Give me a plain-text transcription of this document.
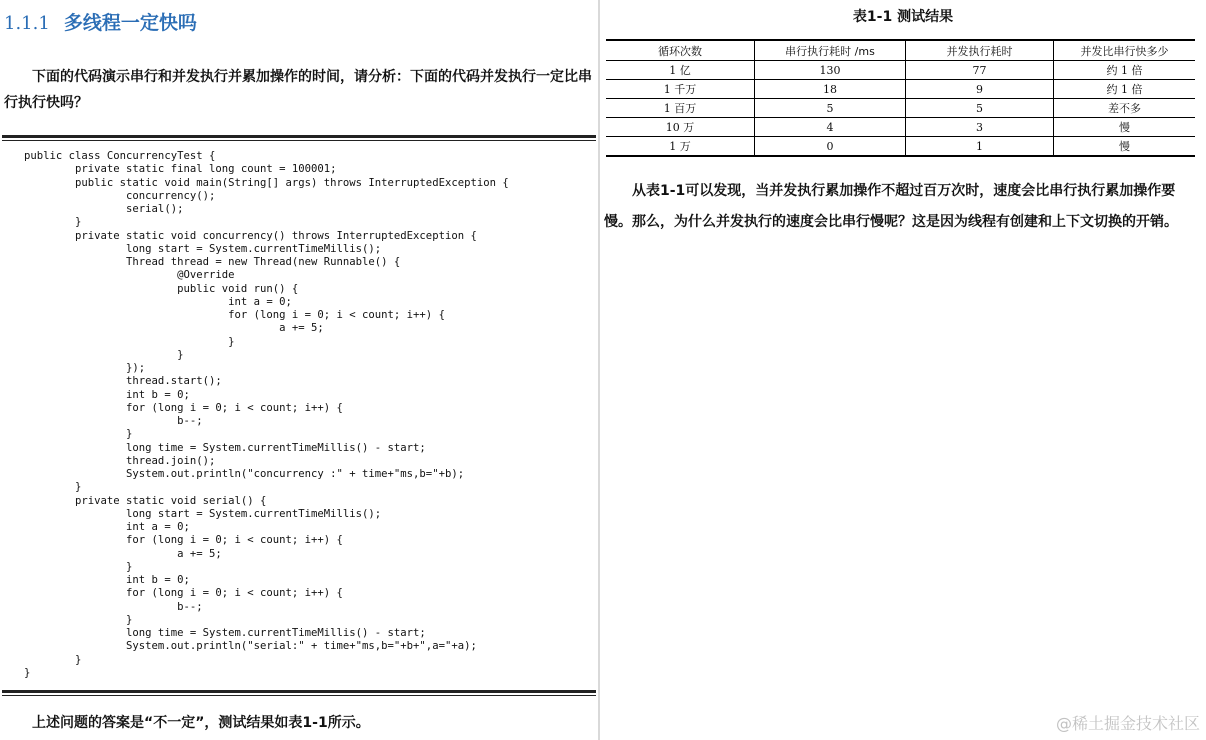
1.1.1 多线程一定快吗

下面的代码演示串行和并发执行并累加操作的时间，请分析：下面的代码并发执行一定比串行执行快吗？

public class ConcurrencyTest {
private static final long count = 100001;
public static void main(String[] args) throws InterruptedException {
concurrency();
serial();
}
private static void concurrency() throws InterruptedException {
long start = System.currentTimeMillis();
Thread thread = new Thread(new Runnable() {
@Override
public void run() {
int a = 0;
for (long i = 0; i < count; i++) {
a += 5;
}
}
});
thread.start();
int b = 0;
for (long i = 0; i < count; i++) {
b--;
}
long time = System.currentTimeMillis() - start;
thread.join();
System.out.println("concurrency :" + time+"ms,b="+b);
}
private static void serial() {
long start = System.currentTimeMillis();
int a = 0;
for (long i = 0; i < count; i++) {
a += 5;
}
int b = 0;
for (long i = 0; i < count; i++) {
b--;
}
long time = System.currentTimeMillis() - start;
System.out.println("serial:" + time+"ms,b="+b+",a="+a);
}
}

上述问题的答案是“不一定”，测试结果如表1-1所示。

表1-1 测试结果
循环次数	串行执行耗时 /ms	并发执行耗时	并发比串行快多少
1 亿	130	77	约 1 倍
1 千万	18	9	约 1 倍
1 百万	5	5	差不多
10 万	4	3	慢
1 万	0	1	慢

从表1-1可以发现，当并发执行累加操作不超过百万次时，速度会比串行执行累加操作要慢。那么，为什么并发执行的速度会比串行慢呢？这是因为线程有创建和上下文切换的开销。

@稀土掘金技术社区
